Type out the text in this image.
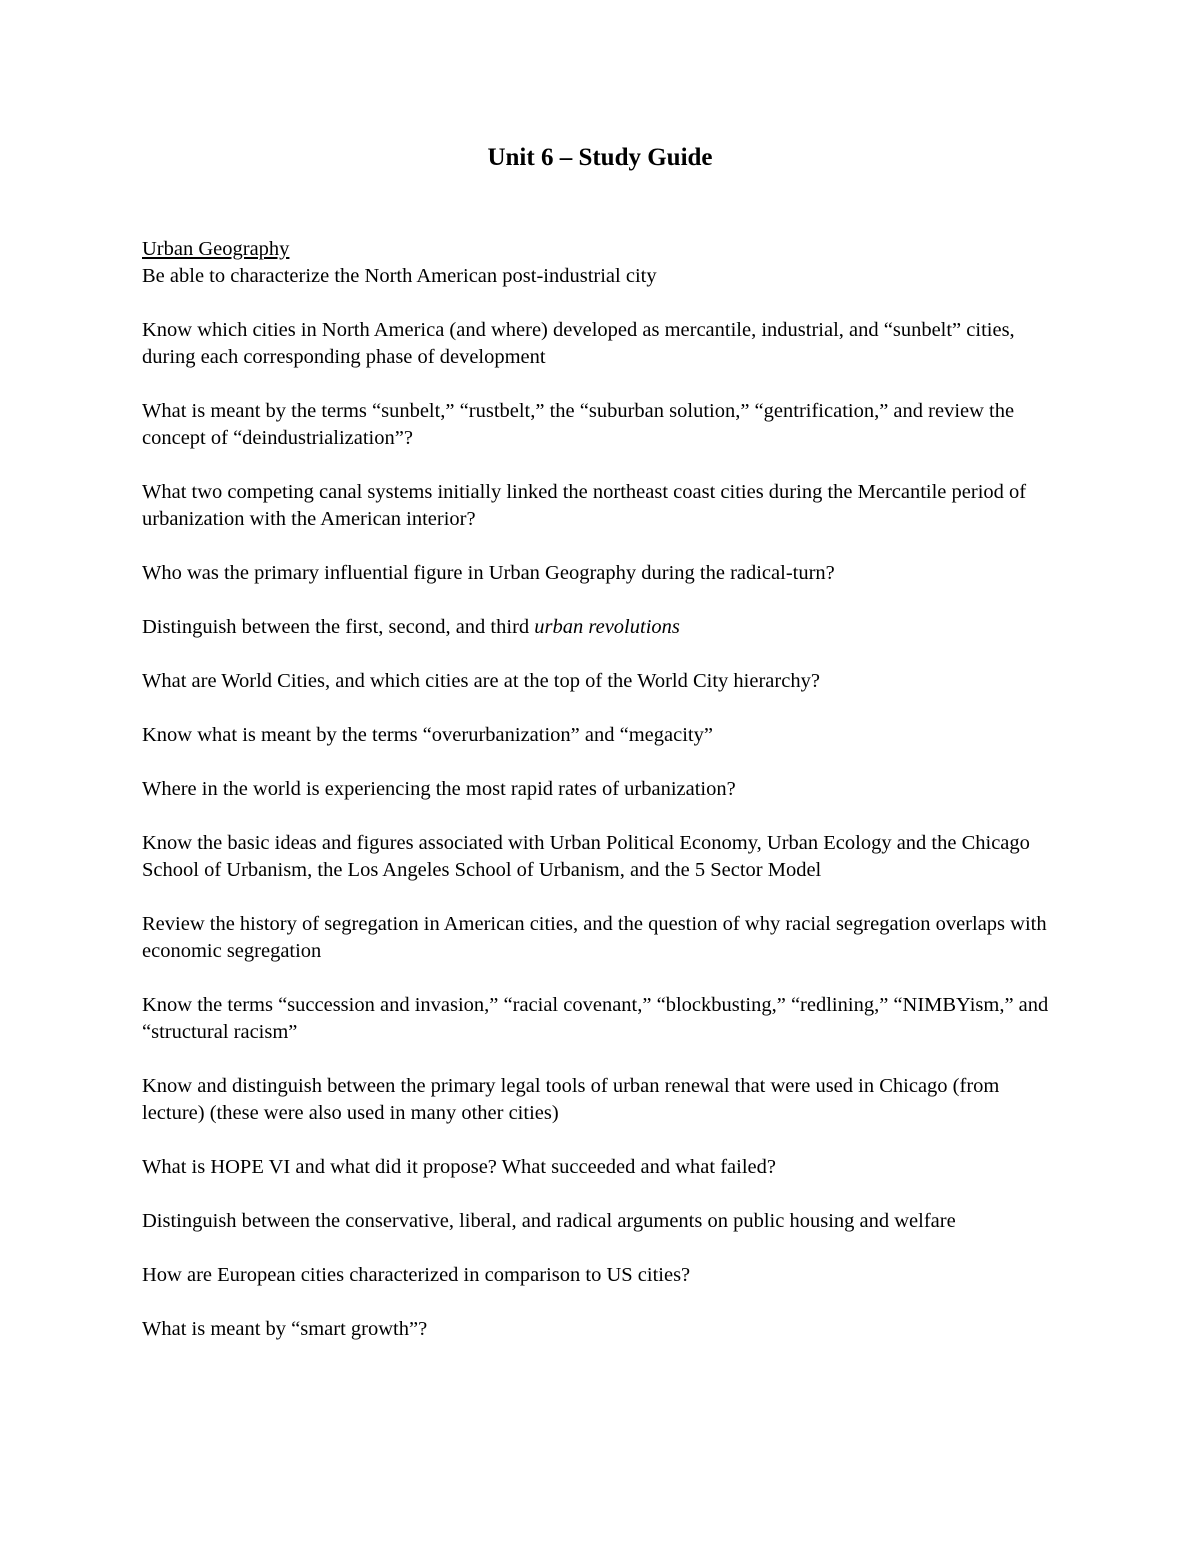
Unit 6 – Study Guide
Urban Geography

Be able to characterize the North American post-industrial city

Know which cities in North America (and where) developed as mercantile, industrial, and “sunbelt” cities, during each corresponding phase of development

What is meant by the terms “sunbelt,” “rustbelt,” the “suburban solution,” “gentrification,” and review the concept of “deindustrialization”?

What two competing canal systems initially linked the northeast coast cities during the Mercantile period of urbanization with the American interior?

Who was the primary influential figure in Urban Geography during the radical-turn?

Distinguish between the first, second, and third urban revolutions

What are World Cities, and which cities are at the top of the World City hierarchy?

Know what is meant by the terms “overurbanization” and “megacity”

Where in the world is experiencing the most rapid rates of urbanization?

Know the basic ideas and figures associated with Urban Political Economy, Urban Ecology and the Chicago School of Urbanism, the Los Angeles School of Urbanism, and the 5 Sector Model

Review the history of segregation in American cities, and the question of why racial segregation overlaps with economic segregation

Know the terms “succession and invasion,” “racial covenant,” “blockbusting,” “redlining,” “NIMBYism,” and “structural racism”

Know and distinguish between the primary legal tools of urban renewal that were used in Chicago (from lecture) (these were also used in many other cities)

What is HOPE VI and what did it propose? What succeeded and what failed?

Distinguish between the conservative, liberal, and radical arguments on public housing and welfare

How are European cities characterized in comparison to US cities?

What is meant by “smart growth”?
